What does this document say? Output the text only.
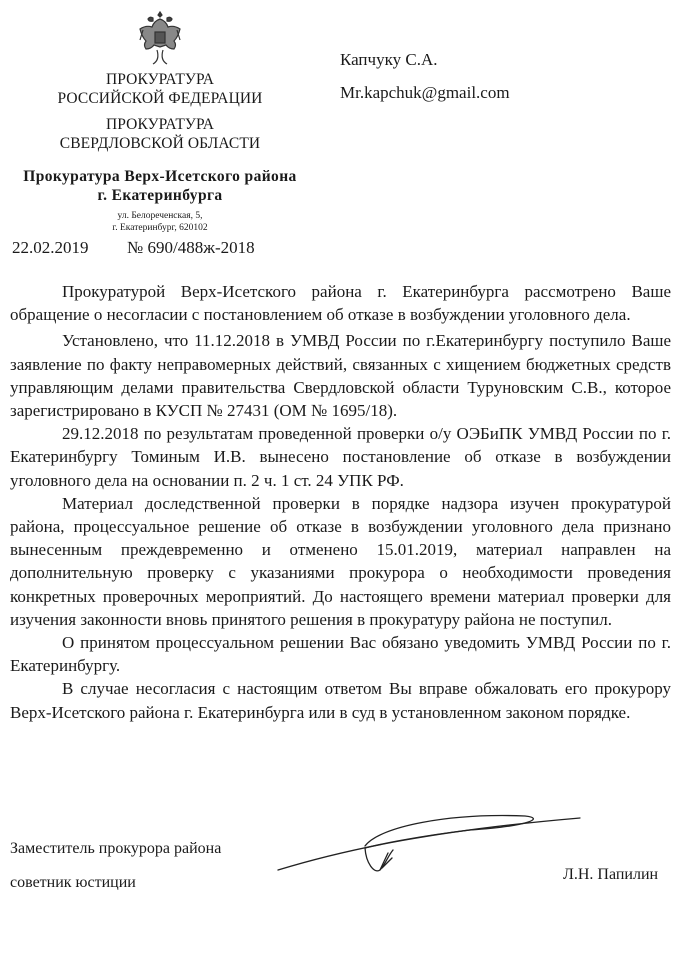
ПРОКУРАТУРА
РОССИЙСКОЙ ФЕДЕРАЦИИ
ПРОКУРАТУРА
СВЕРДЛОВСКОЙ ОБЛАСТИ
Прокуратура Верх-Исетского района
г. Екатеринбурга
ул. Белореченская, 5,
г. Екатеринбург, 620102
22.02.2019 № 690/488ж-2018
Капчуку С.А.
Mr.kapchuk@gmail.com

Прокуратурой Верх-Исетского района г. Екатеринбурга рассмотрено Ваше обращение о несогласии с постановлением об отказе в возбуждении уголовного дела.

Установлено, что 11.12.2018 в УМВД России по г.Екатеринбургу поступило Ваше заявление по факту неправомерных действий, связанных с хищением бюджетных средств управляющим делами правительства Свердловской области Туруновским С.В., которое зарегистрировано в КУСП № 27431 (ОМ № 1695/18).

29.12.2018 по результатам проведенной проверки о/у ОЭБиПК УМВД России по г. Екатеринбургу Томиным И.В. вынесено постановление об отказе в возбуждении уголовного дела на основании п. 2 ч. 1 ст. 24 УПК РФ.

Материал доследственной проверки в порядке надзора изучен прокуратурой района, процессуальное решение об отказе в возбуждении уголовного дела признано вынесенным преждевременно и отменено 15.01.2019, материал направлен на дополнительную проверку с указаниями прокурора о необходимости проведения конкретных проверочных мероприятий. До настоящего времени материал проверки для изучения законности вновь принятого решения в прокуратуру района не поступил.

О принятом процессуальном решении Вас обязано уведомить УМВД России по г. Екатеринбургу.

В случае несогласия с настоящим ответом Вы вправе обжаловать его прокурору Верх-Исетского района г. Екатеринбурга или в суд в установленном законом порядке.

Заместитель прокурора района
советник юстиции	Л.Н. Папилин
